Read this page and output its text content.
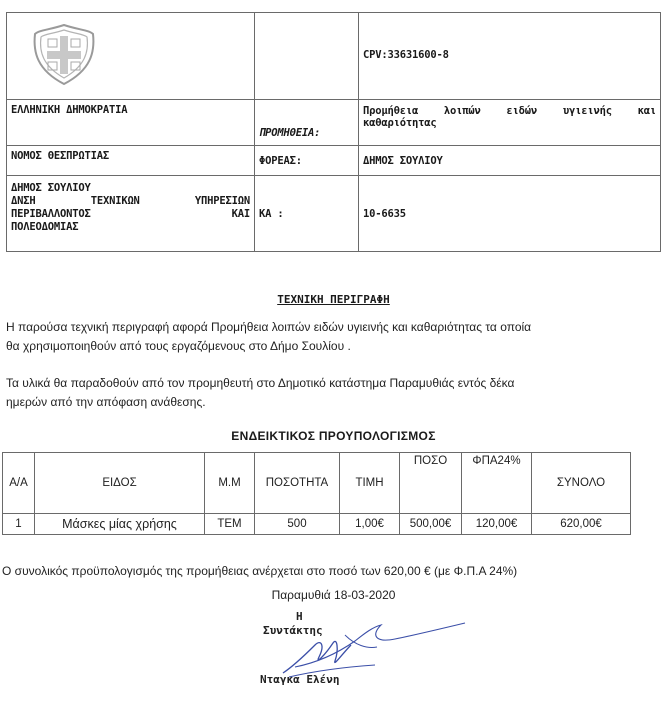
		CPV:33631600-8
ΕΛΛΗΝΙΚΗ ΔΗΜΟΚΡΑΤΙΑ	ΠΡΟΜΗΘΕΙΑ:	Προμήθεια λοιπών ειδών υγιεινής και
καθαριότητας

ΝΟΜΟΣ ΘΕΣΠΡΩΤΙΑΣ	ΦΟΡΕΑΣ:	ΔΗΜΟΣ ΣΟΥΛΙΟΥ

ΔΗΜΟΣ ΣΟΥΛΙΟΥ
ΔΝΣΗ ΤΕΧΝΙΚΩΝ ΥΠΗΡΕΣΙΩΝ
ΠΕΡΙΒΑΛΛΟΝΤΟΣ ΚΑΙ
ΠΟΛΕΟΔΟΜΙΑΣ	ΚΑ :	10-6635
ΤΕΧΝΙΚΗ ΠΕΡΙΓΡΑΦΗ
Η παρούσα τεχνική περιγραφή αφορά Προμήθεια λοιπών ειδών υγιεινής και καθαριότητας τα οποία
θα χρησιμοποιηθούν από τους εργαζόμενους στο Δήμο Σουλίου .
Τα υλικά θα παραδοθούν από τον προμηθευτή στο Δημοτικό κατάστημα Παραμυθιάς εντός δέκα
ημερών από την απόφαση ανάθεσης.
ΕΝΔΕΙΚΤΙΚΟΣ ΠΡΟΥΠΟΛΟΓΙΣΜΟΣ
Α/Α	ΕΙΔΟΣ	Μ.Μ	ΠΟΣΟΤΗΤΑ	ΤΙΜΗ	ΠΟΣΟ	ΦΠΑ24%	ΣΥΝΟΛΟ
1	Μάσκες μίας χρήσης	ΤΕΜ	500	1,00€	500,00€	120,00€	620,00€
Ο συνολικός προϋπολογισμός της προμήθειας ανέρχεται στο ποσό των 620,00 € (με Φ.Π.Α 24%)
Παραμυθιά 18-03-2020
Η
Συντάκτης
Νταγκα Ελένη
